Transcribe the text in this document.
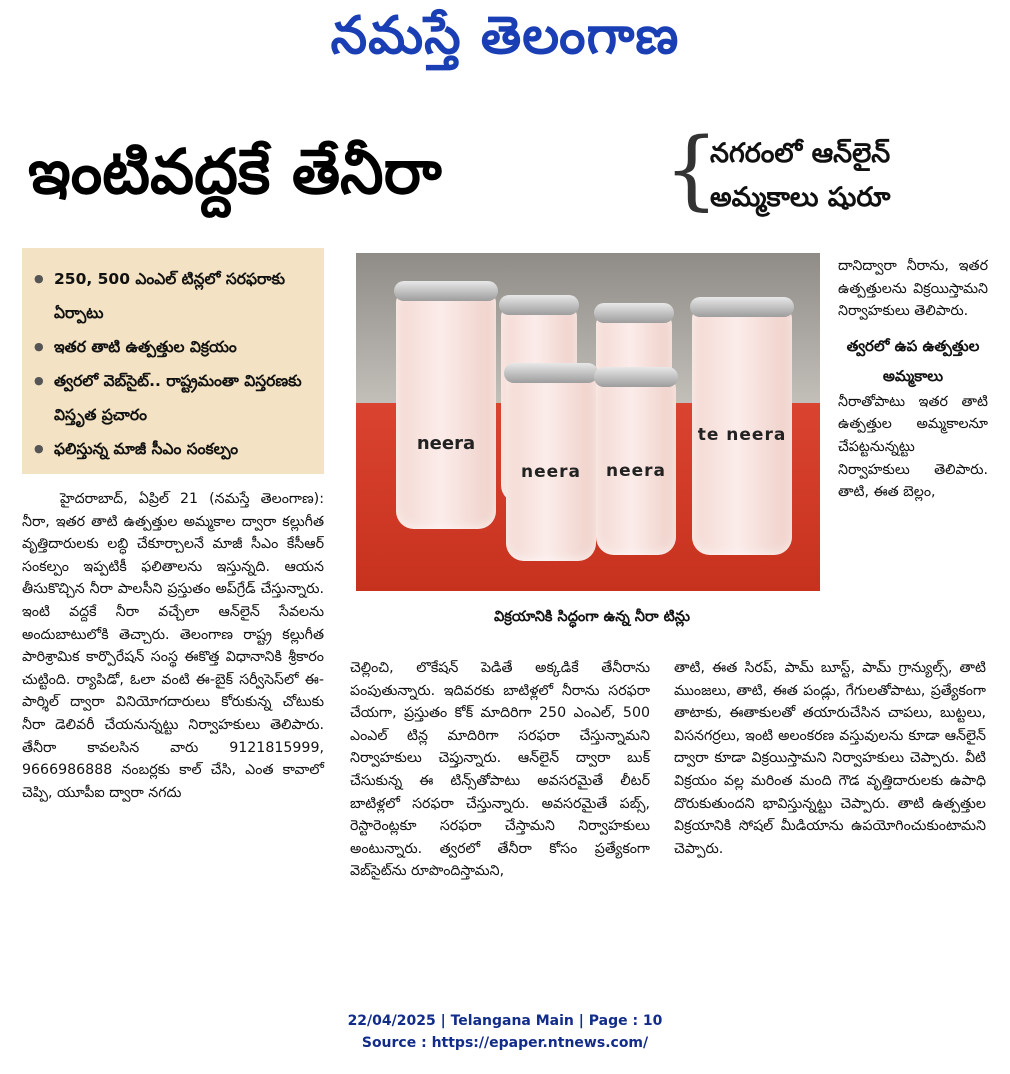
నమస్తే తెలంగాణ
ఇంటివద్దకే తేనీరా	{
నగరంలో ఆన్‌లైన్
అమ్మకాలు షురూ
● 250, 500 ఎంఎల్ టిన్లలో సరఫరాకు ఏర్పాటు
● ఇతర తాటి ఉత్పత్తుల విక్రయం
● త్వరలో వెబ్‌సైట్.. రాష్ట్రమంతా విస్తరణకు విస్తృత ప్రచారం
● ఫలిస్తున్న మాజీ సీఎం సంకల్పం
te neera
neera	neera
neera
విక్రయానికి సిద్ధంగా ఉన్న నీరా టిన్లు

హైదరాబాద్, ఏప్రిల్ 21 (నమస్తే తెలంగాణ): నీరా, ఇతర తాటి ఉత్పత్తుల అమ్మకాల ద్వారా కల్లుగీత వృత్తిదారులకు లబ్ధి చేకూర్చాలనే మాజీ సీఎం కేసీఆర్ సంకల్పం ఇప్పటికీ ఫలితాలను ఇస్తున్నది. ఆయన తీసుకొచ్చిన నీరా పాలసీని ప్రస్తుతం అప్‌గ్రేడ్ చేస్తున్నారు. ఇంటి వద్దకే నీరా వచ్చేలా ఆన్‌లైన్ సేవలను అందుబాటులోకి తెచ్చారు. తెలంగాణ రాష్ట్ర కల్లుగీత పారిశ్రామిక కార్పొరేషన్ సంస్థ ఈకొత్త విధానానికి శ్రీకారం చుట్టింది. ర్యాపిడో, ఓలా వంటి ఈ-బైక్ సర్వీసెస్‌లో ఈ-పార్శిల్ ద్వారా వినియోగదారులు కోరుకున్న చోటుకు నీరా డెలివరీ చేయనున్నట్టు నిర్వాహకులు తెలిపారు. తేనీరా కావలసిన వారు 9121815999, 9666986888 నంబర్లకు కాల్ చేసి, ఎంత కావాలో చెప్పి, యూపీఐ ద్వారా నగదు

చెల్లించి, లొకేషన్ పెడితే అక్కడికే తేనీరాను పంపుతున్నారు. ఇదివరకు బాటిళ్లలో నీరాను సరఫరా చేయగా, ప్రస్తుతం కోక్ మాదిరిగా 250 ఎంఎల్, 500 ఎంఎల్ టిన్ల మాదిరిగా సరఫరా చేస్తున్నామని నిర్వాహకులు చెప్తున్నారు. ఆన్‌లైన్ ద్వారా బుక్ చేసుకున్న ఈ టిన్స్‌తోపాటు అవసరమైతే లీటర్ బాటిళ్లలో సరఫరా చేస్తున్నారు. అవసరమైతే పబ్స్, రెస్టారెంట్లకూ సరఫరా చేస్తామని నిర్వాహకులు అంటున్నారు. త్వరలో తేనీరా కోసం ప్రత్యేకంగా వెబ్‌సైట్‌ను రూపొందిస్తామని,
తాటి, ఈత సిరప్, పామ్ బూస్ట్, పామ్ గ్రాన్యుల్స్, తాటి ముంజలు, తాటి, ఈత పండ్లు, గేగులతోపాటు, ప్రత్యేకంగా తాటాకు, ఈతాకులతో తయారుచేసిన చాపలు, బుట్టలు, విసనగర్రలు, ఇంటి అలంకరణ వస్తువులను కూడా ఆన్‌లైన్ ద్వారా కూడా విక్రయిస్తామని నిర్వాహకులు చెప్పారు. వీటి విక్రయం వల్ల మరింత మంది గౌడ వృత్తిదారులకు ఉపాధి దొరుకుతుందని భావిస్తున్నట్టు చెప్పారు. తాటి ఉత్పత్తుల విక్రయానికి సోషల్ మీడియాను ఉపయోగించుకుంటామని చెప్పారు.

దానిద్వారా నీరాను, ఇతర ఉత్పత్తులను విక్రయిస్తామని నిర్వాహకులు తెలిపారు.

త్వరలో ఉప ఉత్పత్తుల అమ్మకాలు

నీరాతోపాటు ఇతర తాటి ఉత్పత్తుల అమ్మకాలనూ చేపట్టనున్నట్టు నిర్వాహకులు తెలిపారు. తాటి, ఈత బెల్లం,

22/04/2025 | Telangana Main | Page : 10
Source : https://epaper.ntnews.com/
